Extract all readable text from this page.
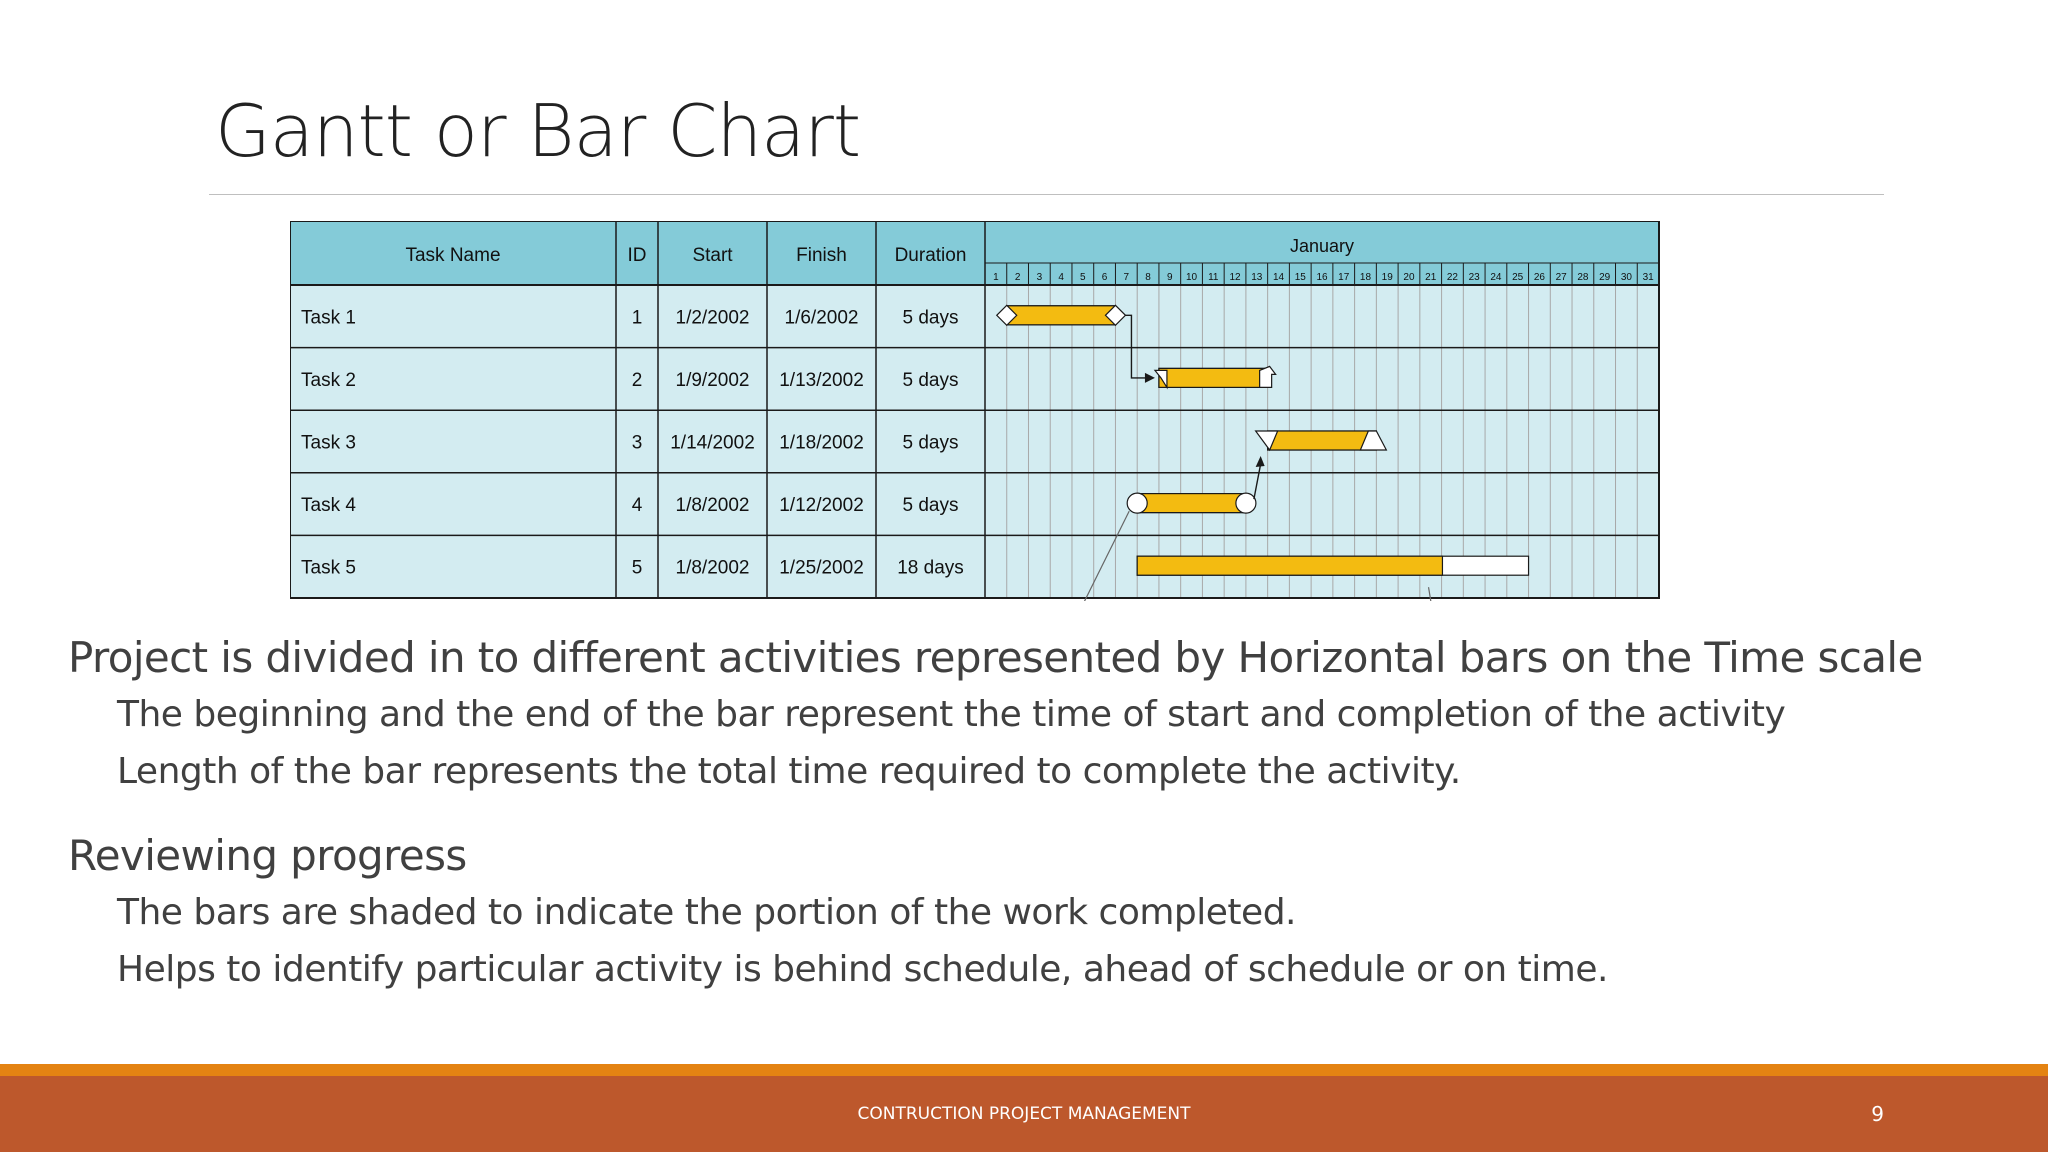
Gantt or Bar Chart
Task Name	ID Start	Finish	Duration	January
1 2 3 4 5 6 7 8 9 10 11 12 13 14 15 16 17 18 19 20 21 22 23 24 25 26 27 28 29 30 31
Task 1	1 1/2/2002 1/6/2002 5 days
Task 2	2 1/9/2002 1/13/2002 5 days
Task 3	3 1/14/2002 1/18/2002 5 days
Task 4	4 1/8/2002 1/12/2002 5 days
Task 5	5 1/8/2002 1/25/2002 18 days
Project is divided in to different activities represented by Horizontal bars on the Time scale
The beginning and the end of the bar represent the time of start and completion of the activity
Length of the bar represents the total time required to complete the activity.
Reviewing progress
The bars are shaded to indicate the portion of the work completed.
Helps to identify particular activity is behind schedule, ahead of schedule or on time.
CONTRUCTION PROJECT MANAGEMENT	9
